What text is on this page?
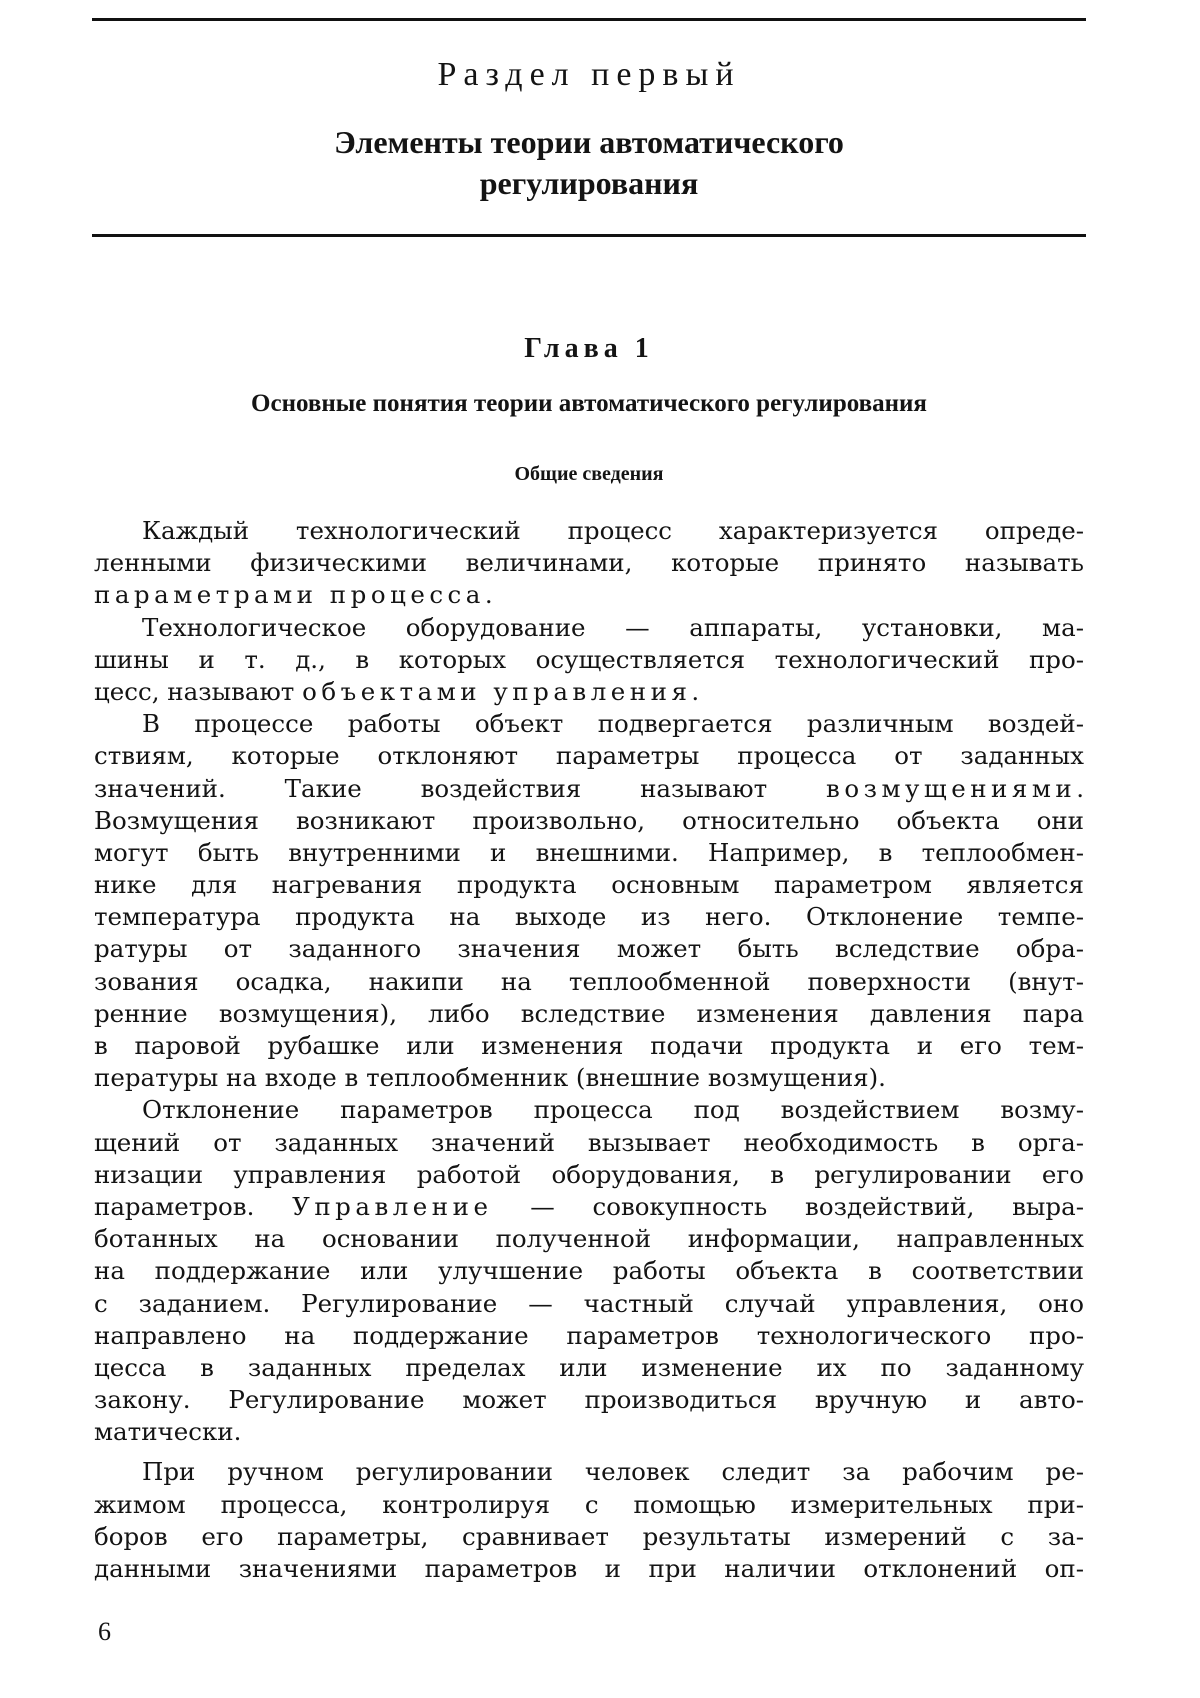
Раздел первый
Элементы теории автоматического
регулирования
Глава 1
Основные понятия теории автоматического регулирования
Общие сведения
Каждый технологический процесс характеризуется опреде-
ленными физическими величинами, которые принято называть
параметрами процесса.
Технологическое оборудование — аппараты, установки, ма-
шины и т. д., в которых осуществляется технологический про-
цесс, называют объектами управления.
В процессе работы объект подвергается различным воздей-
ствиям, которые отклоняют параметры процесса от заданных
значений. Такие воздействия называют возмущениями.
Возмущения возникают произвольно, относительно объекта они
могут быть внутренними и внешними. Например, в теплообмен-
нике для нагревания продукта основным параметром является
температура продукта на выходе из него. Отклонение темпе-
ратуры от заданного значения может быть вследствие обра-
зования осадка, накипи на теплообменной поверхности (внут-
ренние возмущения), либо вследствие изменения давления пара
в паровой рубашке или изменения подачи продукта и его тем-
пературы на входе в теплообменник (внешние возмущения).
Отклонение параметров процесса под воздействием возму-
щений от заданных значений вызывает необходимость в орга-
низации управления работой оборудования, в регулировании его
параметров. Управление — совокупность воздействий, выра-
ботанных на основании полученной информации, направленных
на поддержание или улучшение работы объекта в соответствии
с заданием. Регулирование — частный случай управления, оно
направлено на поддержание параметров технологического про-
цесса в заданных пределах или изменение их по заданному
закону. Регулирование может производиться вручную и авто-
матически.
При ручном регулировании человек следит за рабочим ре-
жимом процесса, контролируя с помощью измерительных при-
боров его параметры, сравнивает результаты измерений с за-
данными значениями параметров и при наличии отклонений оп-
6
